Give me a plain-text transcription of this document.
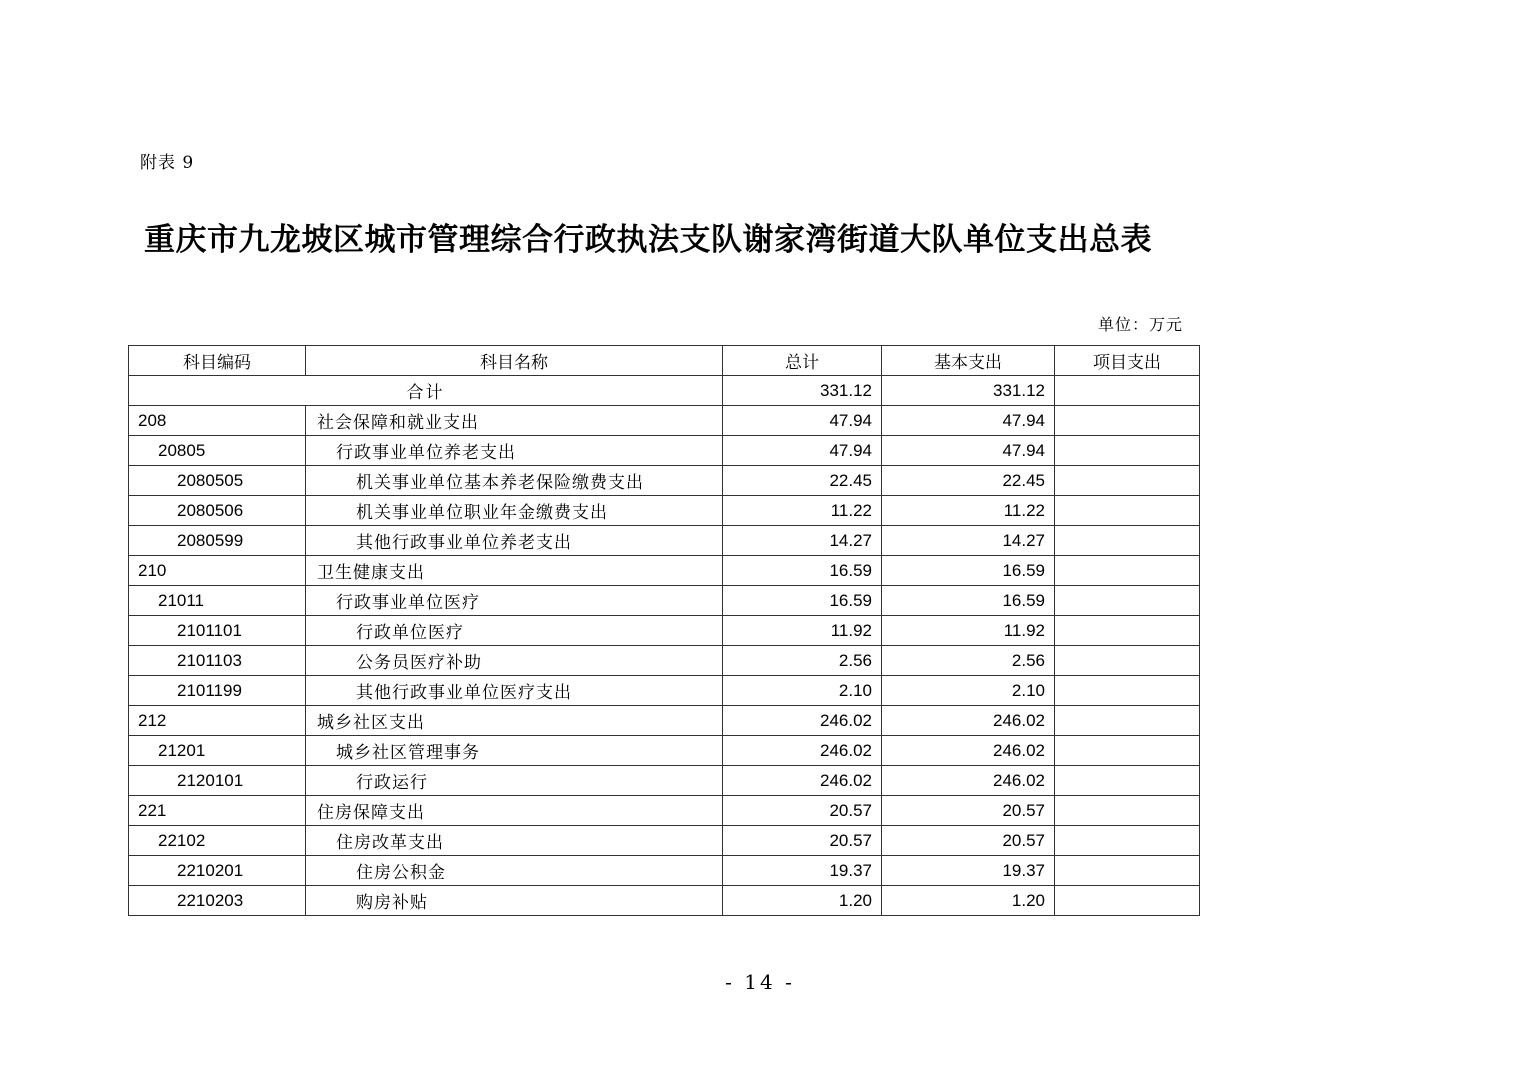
附表 9
重庆市九龙坡区城市管理综合行政执法支队谢家湾街道大队单位支出总表
单位：万元
科目编码	科目名称	总计	基本支出	项目支出
合计		331.12	331.12	
208	社会保障和就业支出	47.94	47.94	
20805	行政事业单位养老支出	47.94	47.94	
2080505	机关事业单位基本养老保险缴费支出	22.45	22.45	
2080506	机关事业单位职业年金缴费支出	11.22	11.22	
2080599	其他行政事业单位养老支出	14.27	14.27	
210	卫生健康支出	16.59	16.59	
21011	行政事业单位医疗	16.59	16.59	
2101101	行政单位医疗	11.92	11.92	
2101103	公务员医疗补助	2.56	2.56	
2101199	其他行政事业单位医疗支出	2.10	2.10	
212	城乡社区支出	246.02	246.02	
21201	城乡社区管理事务	246.02	246.02	
2120101	行政运行	246.02	246.02	
221	住房保障支出	20.57	20.57	
22102	住房改革支出	20.57	20.57	
2210201	住房公积金	19.37	19.37	
2210203	购房补贴	1.20	1.20	
- 14 -
